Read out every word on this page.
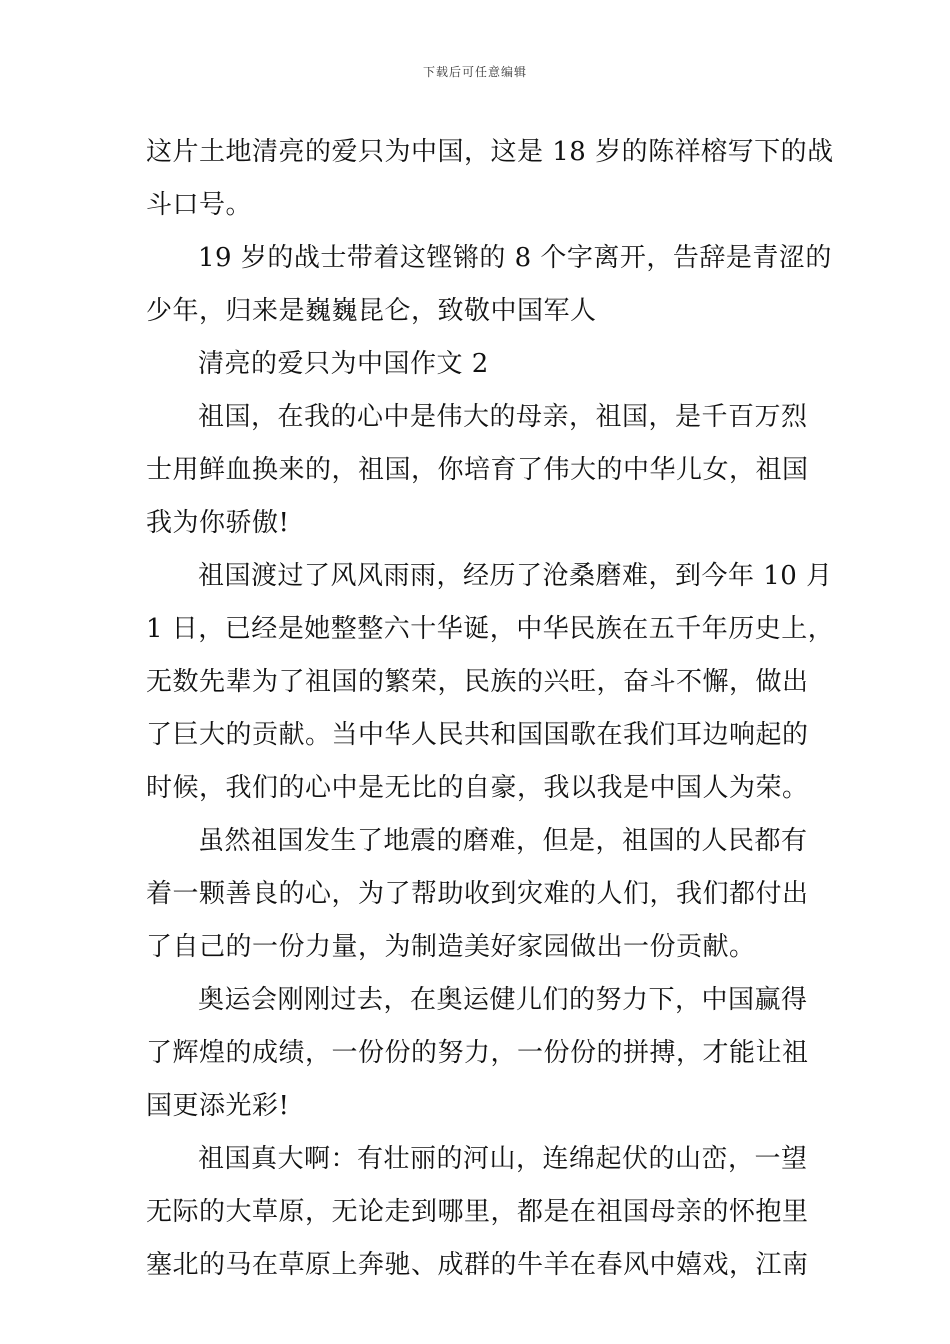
下载后可任意编辑
这片土地清亮的爱只为中国，这是 18 岁的陈祥榕写下的战
斗口号。
19 岁的战士带着这铿锵的 8 个字离开，告辞是青涩的
少年，归来是巍巍昆仑，致敬中国军人
清亮的爱只为中国作文 2
祖国，在我的心中是伟大的母亲，祖国，是千百万烈
士用鲜血换来的，祖国，你培育了伟大的中华儿女，祖国
我为你骄傲!
祖国渡过了风风雨雨，经历了沧桑磨难，到今年 10 月
1 日，已经是她整整六十华诞，中华民族在五千年历史上，
无数先辈为了祖国的繁荣，民族的兴旺，奋斗不懈，做出
了巨大的贡献。当中华人民共和国国歌在我们耳边响起的
时候，我们的心中是无比的自豪，我以我是中国人为荣。
虽然祖国发生了地震的磨难，但是，祖国的人民都有
着一颗善良的心，为了帮助收到灾难的人们，我们都付出
了自己的一份力量，为制造美好家园做出一份贡献。
奥运会刚刚过去，在奥运健儿们的努力下，中国赢得
了辉煌的成绩，一份份的努力，一份份的拼搏，才能让祖
国更添光彩!
祖国真大啊：有壮丽的河山，连绵起伏的山峦，一望
无际的大草原，无论走到哪里，都是在祖国母亲的怀抱里
塞北的马在草原上奔驰、成群的牛羊在春风中嬉戏，江南
